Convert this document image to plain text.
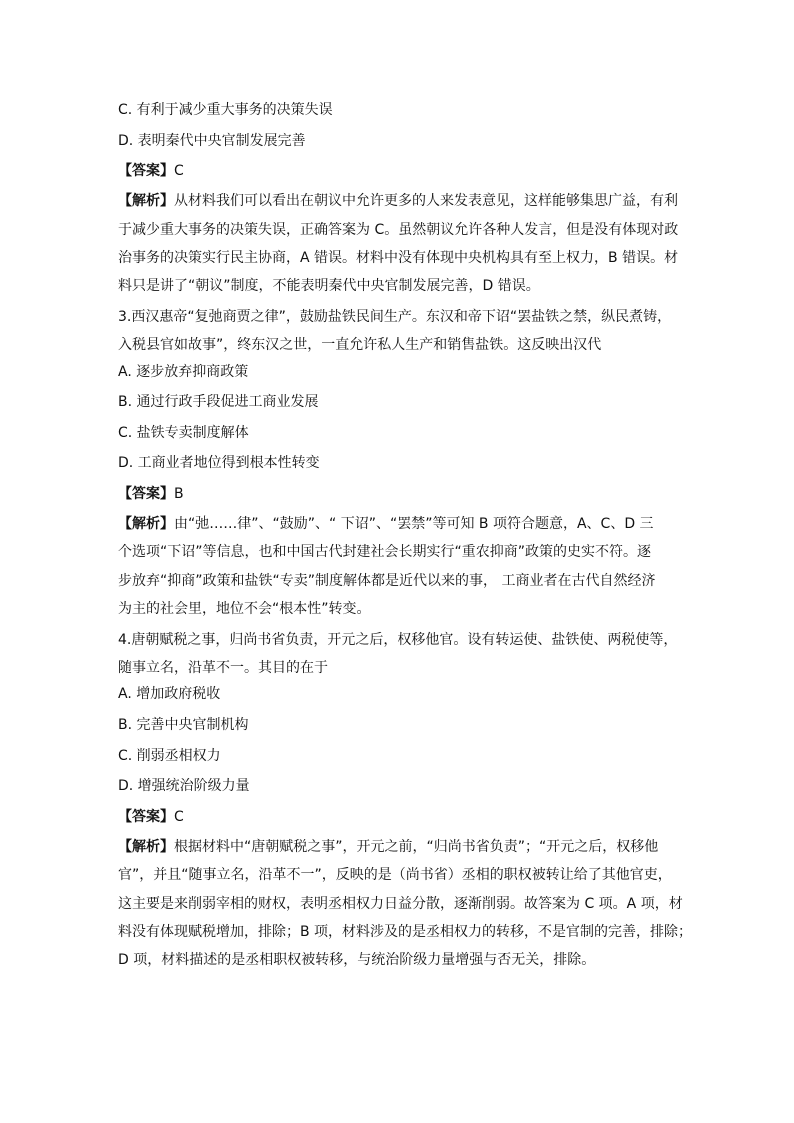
C. 有利于减少重大事务的决策失误
D. 表明秦代中央官制发展完善
【答案】C
【解析】从材料我们可以看出在朝议中允许更多的人来发表意见，这样能够集思广益，有利
于减少重大事务的决策失误，正确答案为 C。虽然朝议允许各种人发言，但是没有体现对政
治事务的决策实行民主协商，A 错误。材料中没有体现中央机构具有至上权力，B 错误。材
料只是讲了“朝议”制度，不能表明秦代中央官制发展完善，D 错误。
3.西汉惠帝“复弛商贾之律”，鼓励盐铁民间生产。东汉和帝下诏“罢盐铁之禁，纵民煮铸，
入税县官如故事”，终东汉之世，一直允许私人生产和销售盐铁。这反映出汉代
A. 逐步放弃抑商政策
B. 通过行政手段促进工商业发展
C. 盐铁专卖制度解体
D. 工商业者地位得到根本性转变
【答案】B
【解析】由“弛……律”、“鼓励”、“ 下诏”、“罢禁”等可知 B 项符合题意，A、C、D 三
个选项“下诏”等信息，也和中国古代封建社会长期实行“重农抑商”政策的史实不符。逐
步放弃“抑商”政策和盐铁“专卖”制度解体都是近代以来的事， 工商业者在古代自然经济
为主的社会里，地位不会“根本性”转变。
4.唐朝赋税之事，归尚书省负责，开元之后，权移他官。设有转运使、盐铁使、两税使等，
随事立名，沿革不一。其目的在于
A. 增加政府税收
B. 完善中央官制机构
C. 削弱丞相权力
D. 增强统治阶级力量
【答案】C
【解析】根据材料中“唐朝赋税之事”，开元之前，“归尚书省负责”；“开元之后，权移他
官”，并且“随事立名，沿革不一”，反映的是（尚书省）丞相的职权被转让给了其他官吏，
这主要是来削弱宰相的财权，表明丞相权力日益分散，逐渐削弱。故答案为 C 项。A 项，材
料没有体现赋税增加，排除；B 项，材料涉及的是丞相权力的转移，不是官制的完善，排除；
D 项，材料描述的是丞相职权被转移，与统治阶级力量增强与否无关，排除。
